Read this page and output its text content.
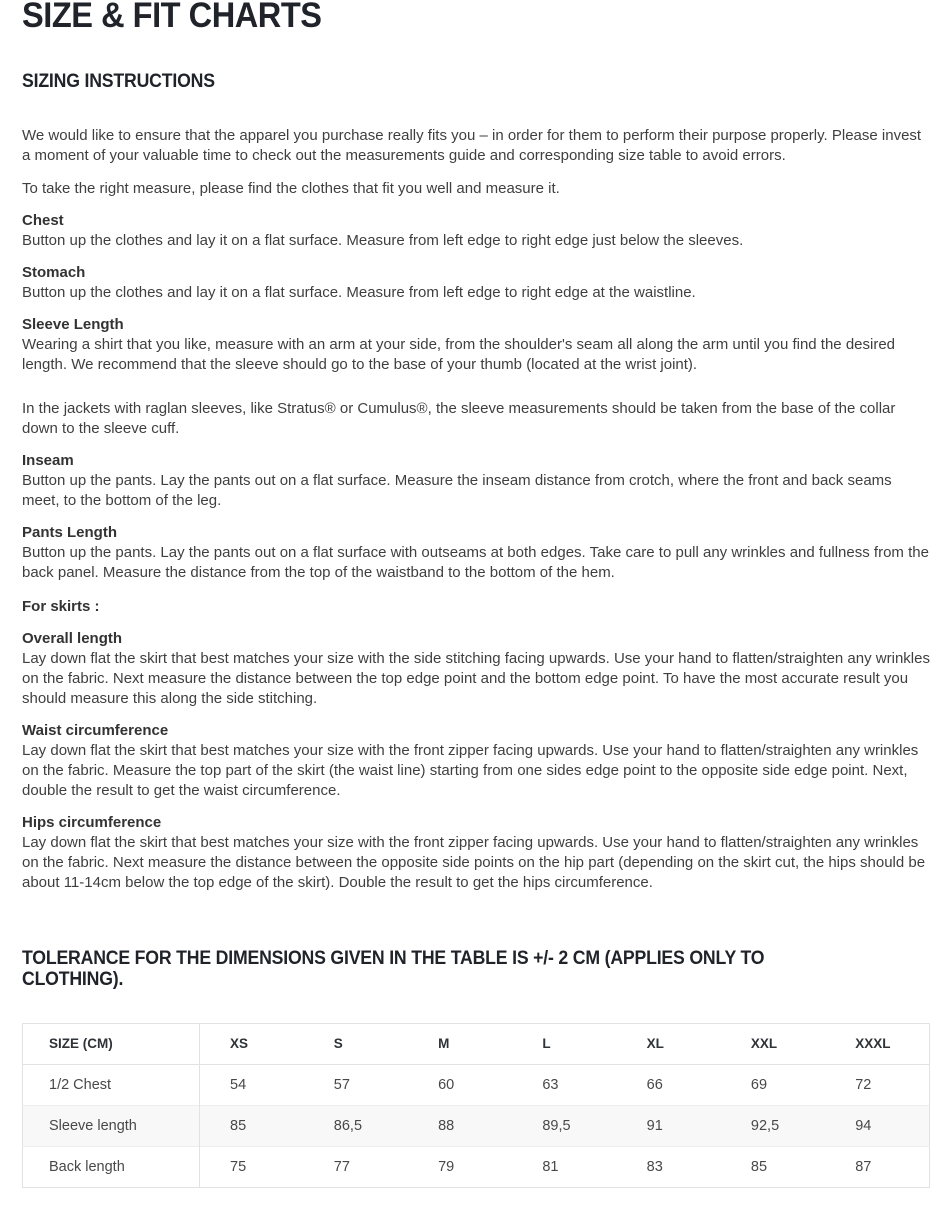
SIZE & FIT CHARTS
SIZING INSTRUCTIONS

We would like to ensure that the apparel you purchase really fits you – in order for them to perform their purpose properly. Please invest a moment of your valuable time to check out the measurements guide and corresponding size table to avoid errors.

To take the right measure, please find the clothes that fit you well and measure it.

Chest

Button up the clothes and lay it on a flat surface. Measure from left edge to right edge just below the sleeves.

Stomach

Button up the clothes and lay it on a flat surface. Measure from left edge to right edge at the waistline.

Sleeve Length

Wearing a shirt that you like, measure with an arm at your side, from the shoulder's seam all along the arm until you find the desired length. We recommend that the sleeve should go to the base of your thumb (located at the wrist joint).

In the jackets with raglan sleeves, like Stratus® or Cumulus®, the sleeve measurements should be taken from the base of the collar down to the sleeve cuff.

Inseam

Button up the pants. Lay the pants out on a flat surface. Measure the inseam distance from crotch, where the front and back seams meet, to the bottom of the leg.

Pants Length

Button up the pants. Lay the pants out on a flat surface with outseams at both edges. Take care to pull any wrinkles and fullness from the back panel. Measure the distance from the top of the waistband to the bottom of the hem.

For skirts :
Overall length

Lay down flat the skirt that best matches your size with the side stitching facing upwards. Use your hand to flatten/straighten any wrinkles on the fabric. Next measure the distance between the top edge point and the bottom edge point. To have the most accurate result you should measure this along the side stitching.

Waist circumference

Lay down flat the skirt that best matches your size with the front zipper facing upwards. Use your hand to flatten/straighten any wrinkles on the fabric. Measure the top part of the skirt (the waist line) starting from one sides edge point to the opposite side edge point. Next, double the result to get the waist circumference.

Hips circumference

Lay down flat the skirt that best matches your size with the front zipper facing upwards. Use your hand to flatten/straighten any wrinkles on the fabric. Next measure the distance between the opposite side points on the hip part (depending on the skirt cut, the hips should be about 11-14cm below the top edge of the skirt). Double the result to get the hips circumference.

TOLERANCE FOR THE DIMENSIONS GIVEN IN THE TABLE IS +/- 2 CM (APPLIES ONLY TO CLOTHING).
SIZE (CM)	XS	S	M	L	XL	XXL	XXXL
1/2 Chest	54	57	60	63	66	69	72
Sleeve length	85	86,5	88	89,5	91	92,5	94
Back length	75	77	79	81	83	85	87
